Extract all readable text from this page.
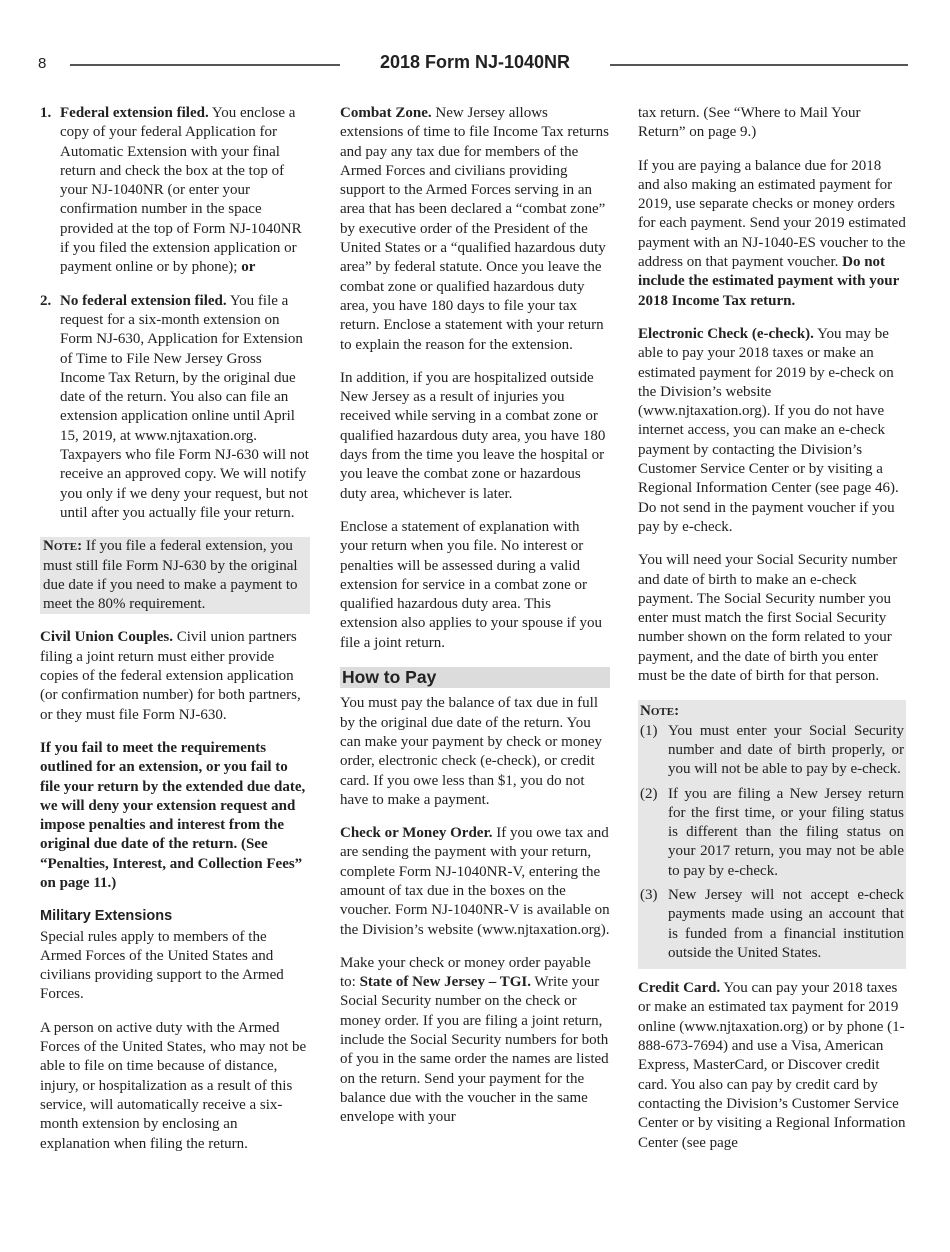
8	2018 Form NJ-1040NR
1. Federal extension filed. You enclose a copy of your federal Application for Automatic Extension with your final return and check the box at the top of your NJ-1040NR (or enter your confirmation number in the space provided at the top of Form NJ-1040NR if you filed the extension application or payment online or by phone); or
2. No federal extension filed. You file a request for a six-month extension on Form NJ-630, Application for Extension of Time to File New Jersey Gross Income Tax Return, by the original due date of the return. You also can file an extension application online until April 15, 2019, at www.njtaxation.org. Taxpayers who file Form NJ-630 will not receive an approved copy. We will notify you only if we deny your request, but not until after you actually file your return.
Note: If you file a federal extension, you must still file Form NJ-630 by the original due date if you need to make a payment to meet the 80% requirement.

Civil Union Couples. Civil union partners filing a joint return must either provide copies of the federal extension application (or confirmation number) for both partners, or they must file Form NJ-630.

If you fail to meet the requirements outlined for an extension, or you fail to file your return by the extended due date, we will deny your extension request and impose penalties and interest from the original due date of the return. (See “Penalties, Interest, and Collection Fees” on page 11.)

Military Extensions

Special rules apply to members of the Armed Forces of the United States and civilians providing support to the Armed Forces.

A person on active duty with the Armed Forces of the United States, who may not be able to file on time because of distance, injury, or hospitalization as a result of this service, will automatically receive a six-month extension by enclosing an explanation when filing the return.

Combat Zone. New Jersey allows extensions of time to file Income Tax returns and pay any tax due for members of the Armed Forces and civilians providing support to the Armed Forces serving in an area that has been declared a “combat zone” by executive order of the President of the United States or a “qualified hazardous duty area” by federal statute. Once you leave the combat zone or qualified hazardous duty area, you have 180 days to file your tax return. Enclose a statement with your return to explain the reason for the extension.

In addition, if you are hospitalized outside New Jersey as a result of injuries you received while serving in a combat zone or qualified hazardous duty area, you have 180 days from the time you leave the hospital or you leave the combat zone or hazardous duty area, whichever is later.

Enclose a statement of explanation with your return when you file. No interest or penalties will be assessed during a valid extension for service in a combat zone or qualified hazardous duty area. This extension also applies to your spouse if you file a joint return.

How to Pay

You must pay the balance of tax due in full by the original due date of the return. You can make your payment by check or money order, electronic check (e-check), or credit card. If you owe less than $1, you do not have to make a payment.

Check or Money Order. If you owe tax and are sending the payment with your return, complete Form NJ-1040NR-V, entering the amount of tax due in the boxes on the voucher. Form NJ-1040NR-V is available on the Division’s website (www.njtaxation.org).

Make your check or money order payable to: State of New Jersey – TGI. Write your Social Security number on the check or money order. If you are filing a joint return, include the Social Security numbers for both of you in the same order the names are listed on the return. Send your payment for the balance due with the voucher in the same envelope with your

tax return. (See “Where to Mail Your Return” on page 9.)

If you are paying a balance due for 2018 and also making an estimated payment for 2019, use separate checks or money orders for each payment. Send your 2019 estimated payment with an NJ-1040-ES voucher to the address on that payment voucher. Do not include the estimated payment with your 2018 Income Tax return.

Electronic Check (e-check). You may be able to pay your 2018 taxes or make an estimated payment for 2019 by e-check on the Division’s website (www.njtaxation.org). If you do not have internet access, you can make an e-check payment by contacting the Division’s Customer Service Center or by visiting a Regional Information Center (see page 46). Do not send in the payment voucher if you pay by e-check.

You will need your Social Security number and date of birth to make an e-check payment. The Social Security number you enter must match the first Social Security number shown on the form related to your payment, and the date of birth you enter must be the date of birth for that person.

Note:
(1) You must enter your Social Security number and date of birth properly, or you will not be able to pay by e-check.
(2) If you are filing a New Jersey return for the first time, or your filing status is different than the filing status on your 2017 return, you may not be able to pay by e-check.
(3) New Jersey will not accept e-check payments made using an account that is funded from a financial institution outside the United States.

Credit Card. You can pay your 2018 taxes or make an estimated tax payment for 2019 online (www.njtaxation.org) or by phone (1-888-673-7694) and use a Visa, American Express, MasterCard, or Discover credit card. You also can pay by credit card by contacting the Division’s Customer Service Center or by visiting a Regional Information Center (see page
